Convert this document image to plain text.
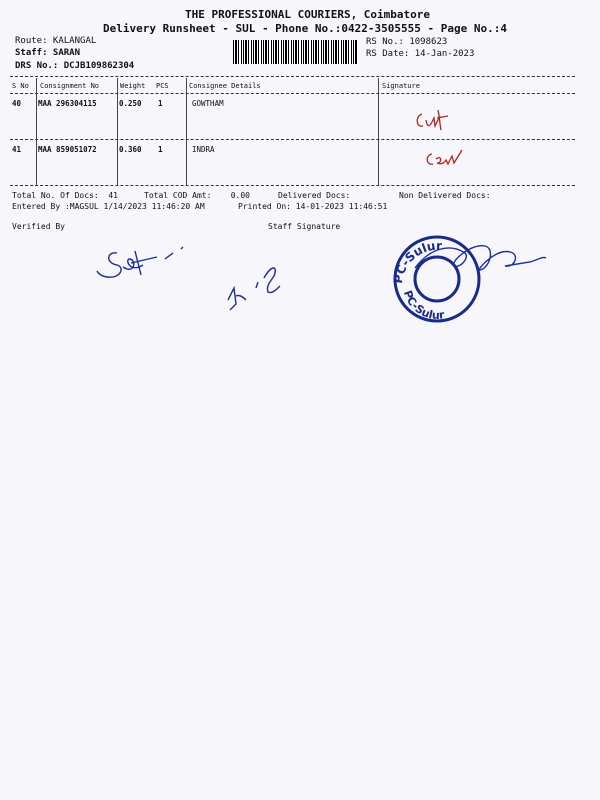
THE PROFESSIONAL COURIERS, Coimbatore
Delivery Runsheet - SUL - Phone No.:0422-3505555 - Page No.:4
Route: KALANGAL
Staff: SARAN
DRS No.: DCJB109862304
RS No.: 1098623
RS Date: 14-Jan-2023
S No Consignment No	Weight PCS	Consignee Details	Signature
40 MAA 296304115	0.250 1	GOWTHAM
41 MAA 859051072	0.360 1	INDRA
Total No. Of Docs:  41	Total COD Amt:    0.00	Delivered Docs:	Non Delivered Docs:
Entered By :MAGSUL 1/14/2023 11:46:20 AM	Printed On: 14-01-2023 11:46:51
Verified By	Staff Signature
PC-Sulur
PC-Sulur
